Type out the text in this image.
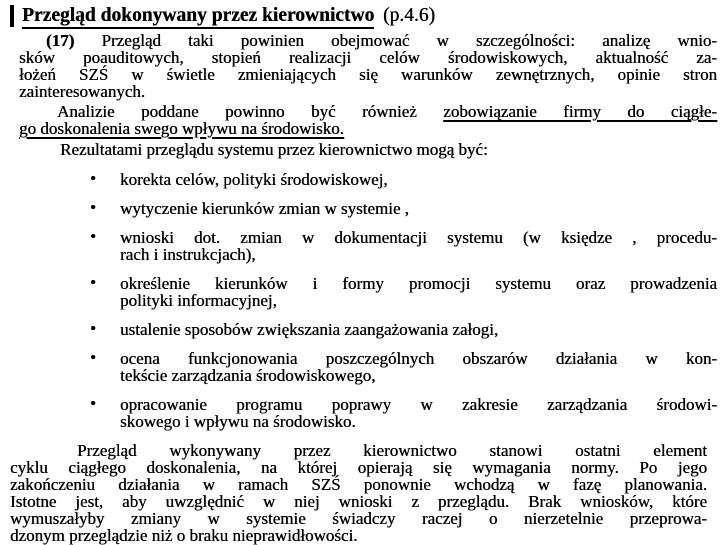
Przegląd dokonywany przez kierownictwo (p.4.6)
(17) Przegląd taki powinien obejmować w szczególności: analizę wnio-
sków poauditowych, stopień realizacji celów środowiskowych, aktualność za-
łożeń SZŚ w świetle zmieniających się warunków zewnętrznych, opinie stron
zainteresowanych.
Analizie poddane powinno być również zobowiązanie firmy do ciągłe-
go doskonalenia swego wpływu na środowisko.
Rezultatami przeglądu systemu przez kierownictwo mogą być:
• korekta celów, polityki środowiskowej,
• wytyczenie kierunków zmian w systemie ,
• wnioski dot. zmian w dokumentacji systemu (w księdze , procedu-
rach i instrukcjach),
• określenie kierunków i formy promocji systemu oraz prowadzenia
polityki informacyjnej,
• ustalenie sposobów zwiększania zaangażowania załogi,
• ocena funkcjonowania poszczególnych obszarów działania w kon-
tekście zarządzania środowiskowego,
• opracowanie programu poprawy w zakresie zarządzania środowi-
skowego i wpływu na środowisko.
Przegląd wykonywany przez kierownictwo stanowi ostatni element
cyklu ciągłego doskonalenia, na której opierają się wymagania normy. Po jego
zakończeniu działania w ramach SZŚ ponownie wchodzą w fazę planowania.
Istotne jest, aby uwzględnić w niej wnioski z przeglądu. Brak wniosków, które
wymuszałyby zmiany w systemie świadczy raczej o nierzetelnie przeprowa-
dzonym przeglądzie niż o braku nieprawidłowości.
